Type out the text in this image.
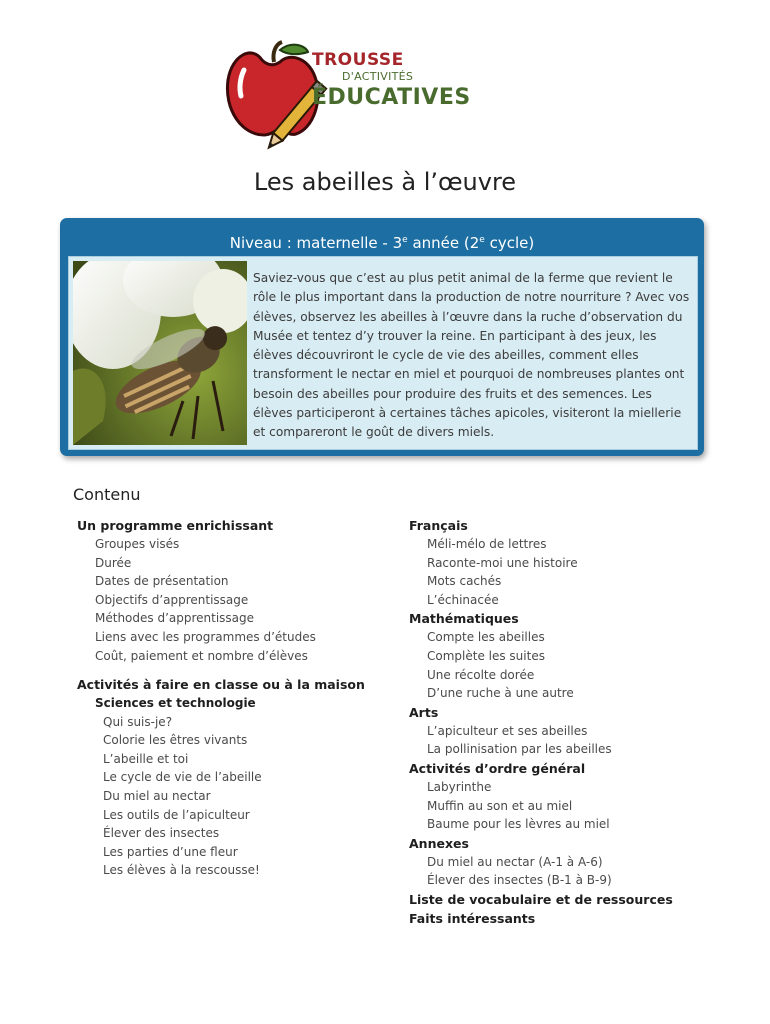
TROUSSE
D'ACTIVITÉS
ÉDUCATIVES
Les abeilles à l’œuvre
Niveau : maternelle - 3e année (2e cycle)
Saviez-vous que c’est au plus petit animal de la ferme que revient le rôle le plus important dans la production de notre nourriture ? Avec vos élèves, observez les abeilles à l’œuvre dans la ruche d’observation du Musée et tentez d’y trouver la reine. En participant à des jeux, les élèves découvriront le cycle de vie des abeilles, comment elles transforment le nectar en miel et pourquoi de nombreuses plantes ont besoin des abeilles pour produire des fruits et des semences. Les élèves participeront à certaines tâches apicoles, visiteront la miellerie et compareront le goût de divers miels.
Contenu
Un programme enrichissant
Groupes visés
Durée
Dates de présentation
Objectifs d’apprentissage
Méthodes d’apprentissage
Liens avec les programmes d’études
Coût, paiement et nombre d’élèves
Activités à faire en classe ou à la maison
Sciences et technologie
Qui suis-je?
Colorie les êtres vivants
L’abeille et toi
Le cycle de vie de l’abeille
Du miel au nectar
Les outils de l’apiculteur
Élever des insectes
Les parties d’une fleur
Les élèves à la rescousse!
Français
Méli-mélo de lettres
Raconte-moi une histoire
Mots cachés
L’échinacée
Mathématiques
Compte les abeilles
Complète les suites
Une récolte dorée
D’une ruche à une autre
Arts
L’apiculteur et ses abeilles
La pollinisation par les abeilles
Activités d’ordre général
Labyrinthe
Muffin au son et au miel
Baume pour les lèvres au miel
Annexes
Du miel au nectar (A-1 à A-6)
Élever des insectes (B-1 à B-9)
Liste de vocabulaire et de ressources
Faits intéressants
